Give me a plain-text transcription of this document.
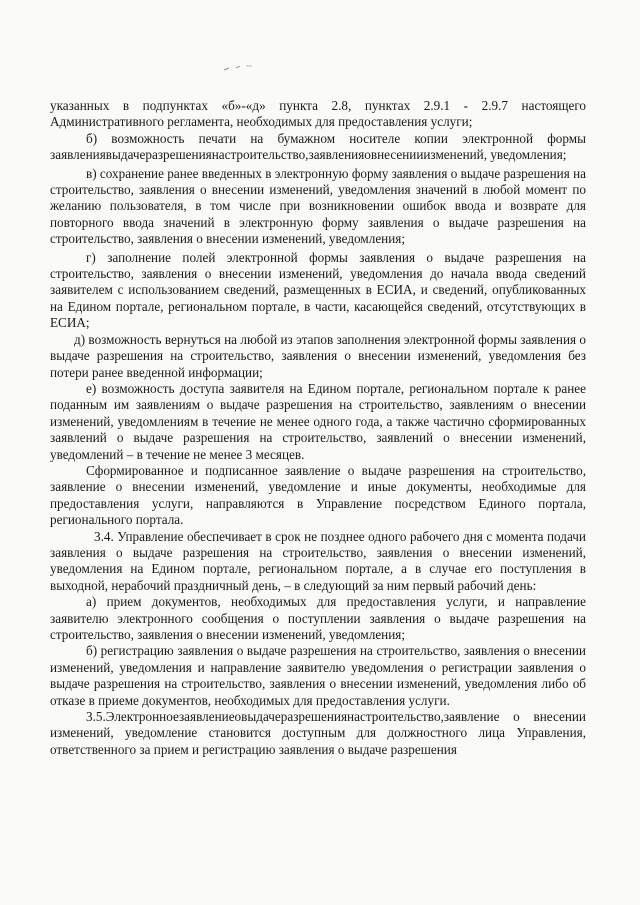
указанных в подпунктах «б»-«д» пункта 2.8, пунктах 2.9.1 - 2.9.7 настоящего Административного регламента, необходимых для предоставления услуги;

б) возможность печати на бумажном носителе копии электронной формы заявлениявыдачеразрешениянастроительство,заявленияовнесенииизменений, уведомления;

в) сохранение ранее введенных в электронную форму заявления о выдаче разрешения на строительство, заявления о внесении изменений, уведомления значений в любой момент по желанию пользователя, в том числе при возникновении ошибок ввода и возврате для повторного ввода значений в электронную форму заявления о выдаче разрешения на строительство, заявления о внесении изменений, уведомления;

г) заполнение полей электронной формы заявления о выдаче разрешения на строительство, заявления о внесении изменений, уведомления до начала ввода сведений заявителем с использованием сведений, размещенных в ЕСИА, и сведений, опубликованных на Едином портале, региональном портале, в части, касающейся сведений, отсутствующих в ЕСИА;

д) возможность вернуться на любой из этапов заполнения электронной формы заявления о выдаче разрешения на строительство, заявления о внесении изменений, уведомления без потери ранее введенной информации;

е) возможность доступа заявителя на Едином портале, региональном портале к ранее поданным им заявлениям о выдаче разрешения на строительство, заявлениям о внесении изменений, уведомлениям в течение не менее одного года, а также частично сформированных заявлений о выдаче разрешения на строительство, заявлений о внесении изменений, уведомлений – в течение не менее 3 месяцев.

Сформированное и подписанное заявление о выдаче разрешения на строительство, заявление о внесении изменений, уведомление и иные документы, необходимые для предоставления услуги, направляются в Управление посредством Единого портала, регионального портала.

3.4. Управление обеспечивает в срок не позднее одного рабочего дня с момента подачи заявления о выдаче разрешения на строительство, заявления о внесении изменений, уведомления на Едином портале, региональном портале, а в случае его поступления в выходной, нерабочий праздничный день, – в следующий за ним первый рабочий день:

а) прием документов, необходимых для предоставления услуги, и направление заявителю электронного сообщения о поступлении заявления о выдаче разрешения на строительство, заявления о внесении изменений, уведомления;

б) регистрацию заявления о выдаче разрешения на строительство, заявления о внесении изменений, уведомления и направление заявителю уведомления о регистрации заявления о выдаче разрешения на строительство, заявления о внесении изменений, уведомления либо об отказе в приеме документов, необходимых для предоставления услуги.

3.5.Электронноезаявлениеовыдачеразрешениянастроительство,заявление о внесении изменений, уведомление становится доступным для должностного лица Управления, ответственного за прием и регистрацию заявления о выдаче разрешения
